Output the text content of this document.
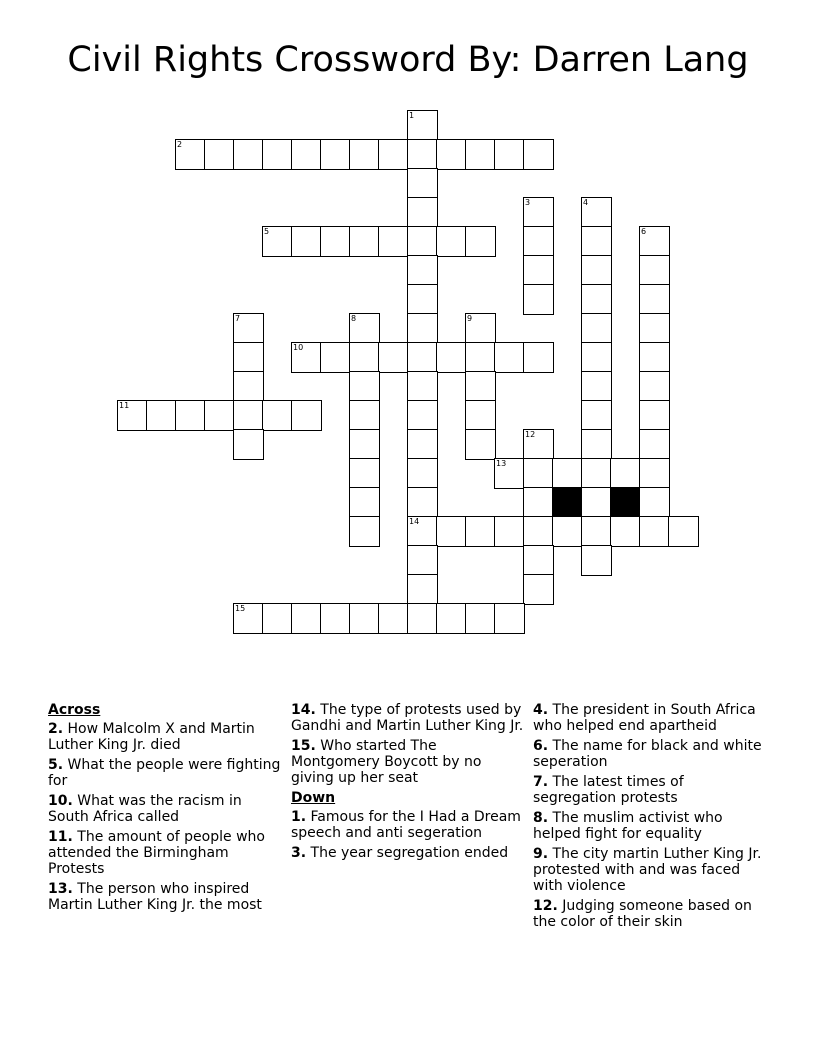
Civil Rights Crossword By: Darren Lang
1
2
3	4
5	6
7	8	9
10
11
12
13
14
15
Across
2. How Malcolm X and Martin Luther King Jr. died
5. What the people were fighting for
10. What was the racism in South Africa called
11. The amount of people who attended the Birmingham Protests
13. The person who inspired Martin Luther King Jr. the most
14. The type of protests used by Gandhi and Martin Luther King Jr.
15. Who started The Montgomery Boycott by no giving up her seat
Down
1. Famous for the I Had a Dream speech and anti segeration
3. The year segregation ended
4. The president in South Africa who helped end apartheid
6. The name for black and white seperation
7. The latest times of segregation protests
8. The muslim activist who helped fight for equality
9. The city martin Luther King Jr. protested with and was faced with violence
12. Judging someone based on the color of their skin
